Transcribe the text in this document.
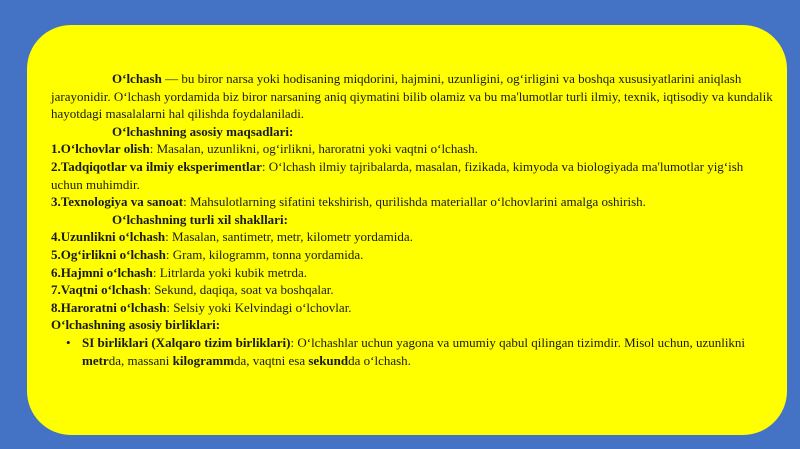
O‘lchash — bu biror narsa yoki hodisaning miqdorini, hajmini, uzunligini, og‘irligini va boshqa xususiyatlarini aniqlash jarayonidir. O‘lchash yordamida biz biror narsaning aniq qiymatini bilib olamiz va bu ma'lumotlar turli ilmiy, texnik, iqtisodiy va kundalik hayotdagi masalalarni hal qilishda foydalaniladi.

O‘lchashning asosiy maqsadlari:

1.O‘lchovlar olish: Masalan, uzunlikni, og‘irlikni, haroratni yoki vaqtni o‘lchash.

2.Tadqiqotlar va ilmiy eksperimentlar: O‘lchash ilmiy tajribalarda, masalan, fizikada, kimyoda va biologiyada ma'lumotlar yig‘ish uchun muhimdir.

3.Texnologiya va sanoat: Mahsulotlarning sifatini tekshirish, qurilishda materiallar o‘lchovlarini amalga oshirish.

O‘lchashning turli xil shakllari:

4.Uzunlikni o‘lchash: Masalan, santimetr, metr, kilometr yordamida.

5.Og‘irlikni o‘lchash: Gram, kilogramm, tonna yordamida.

6.Hajmni o‘lchash: Litrlarda yoki kubik metrda.

7.Vaqtni o‘lchash: Sekund, daqiqa, soat va boshqalar.

8.Haroratni o‘lchash: Selsiy yoki Kelvindagi o‘lchovlar.

O‘lchashning asosiy birliklari:

• SI birliklari (Xalqaro tizim birliklari): O‘lchashlar uchun yagona va umumiy qabul qilingan tizimdir. Misol uchun, uzunlikni metrda, massani kilogrammda, vaqtni esa sekundda o‘lchash.
